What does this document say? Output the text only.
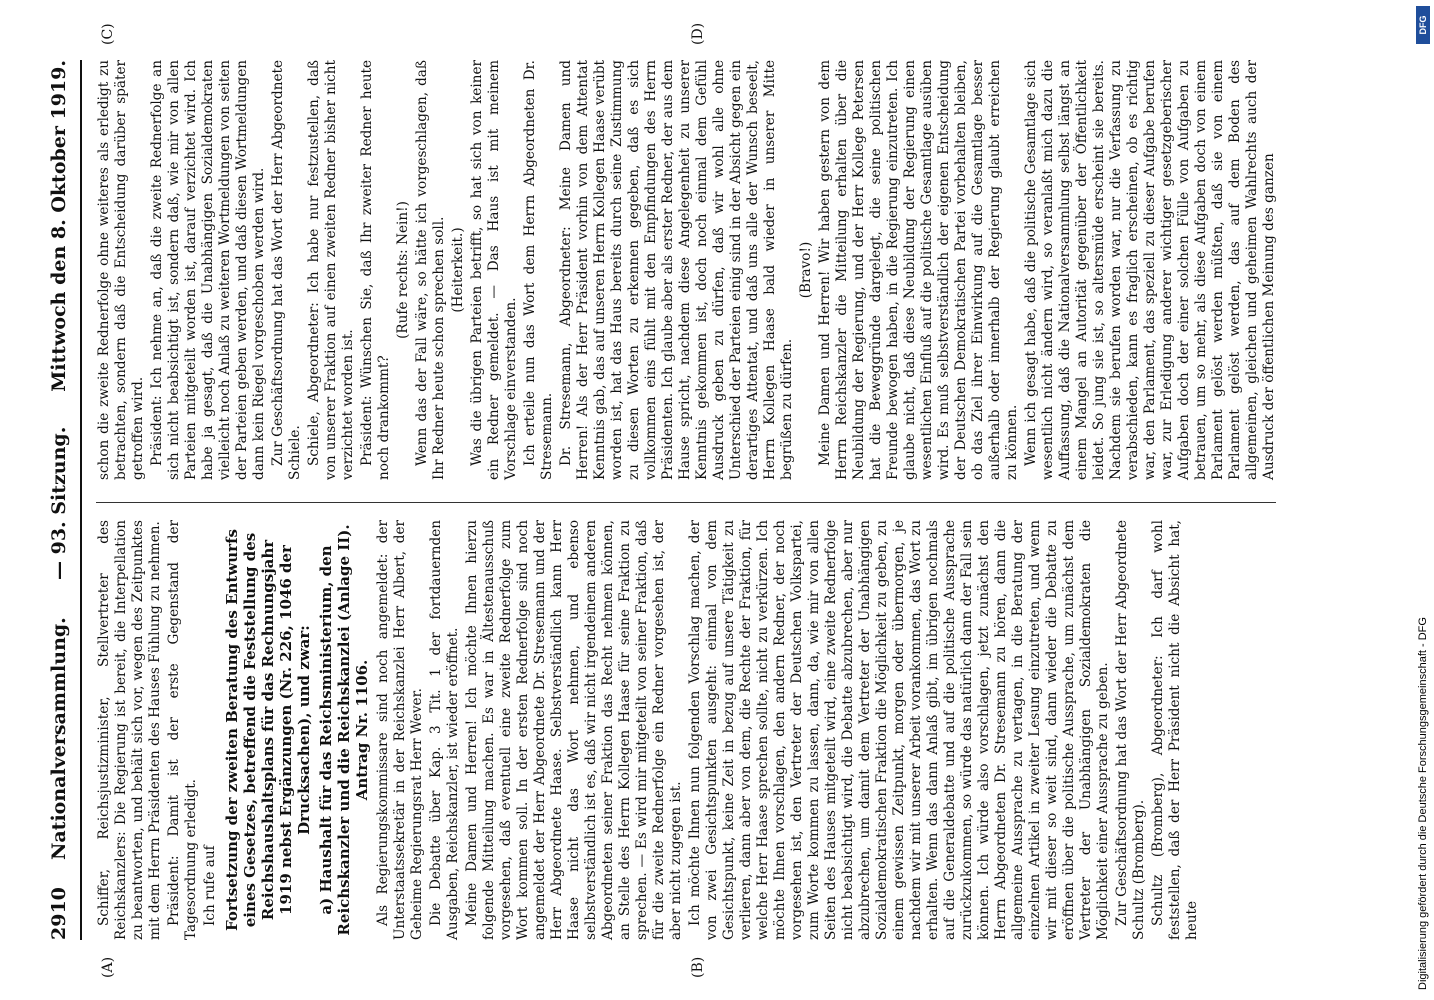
2910
Nationalversammlung.
— 93. Sitzung.
Mittwoch den 8. Oktober 1919.
(A)	(B)
(C)	(D)

Schiffer, Reichsjustizminister, Stellvertreter des Reichskanzlers: Die Regierung ist bereit, die Interpellation zu beantworten, und behält sich vor, wegen des Zeitpunktes mit dem Herrn Präsidenten des Hauses Fühlung zu nehmen. Präsident: Damit ist der erste Gegenstand der Tagesordnung erledigt. Ich rufe auf Fortsetzung der zweiten Beratung des Entwurfs eines Gesetzes, betreffend die Feststellung des Reichshaushaltsplans für das Rechnungsjahr 1919 nebst Ergänzungen (Nr. 226, 1046 der Drucksachen), und zwar: a) Haushalt für das Reichsministerium, den Reichskanzler und die Reichskanzlei (Anlage II). Antrag Nr. 1106. Als Regierungskommissare sind noch angemeldet: der Unterstaatssekretär in der Reichskanzlei Herr Albert, der Geheime Regierungsrat Herr Wever. Die Debatte über Kap. 3 Tit. 1 der fortdauernden Ausgaben, Reichskanzler, ist wieder eröffnet. Meine Damen und Herren! Ich möchte Ihnen hierzu folgende Mitteilung machen. Es war in Ältestenausschuß vorgesehen, daß eventuell eine zweite Rednerfolge zum Wort kommen soll. In der ersten Rednerfolge sind noch angemeldet der Herr Abgeordnete Dr. Stresemann und der Herr Abgeordnete Haase. Selbstverständlich kann Herr Haase nicht das Wort nehmen, und ebenso selbstverständlich ist es, daß wir nicht irgendeinem anderen Abgeordneten seiner Fraktion das Recht nehmen können, an Stelle des Herrn Kollegen Haase für seine Fraktion zu sprechen. — Es wird mir mitgeteilt von seiner Fraktion, daß für die zweite Rednerfolge ein Redner vorgesehen ist, der aber nicht zugegen ist. Ich möchte Ihnen nun folgenden Vorschlag machen, der von zwei Gesichtspunkten ausgeht: einmal von dem Gesichtspunkt, keine Zeit in bezug auf unsere Tätigkeit zu verlieren, dann aber von dem, die Rechte der Fraktion, für welche Herr Haase sprechen sollte, nicht zu verkürzen. Ich möchte Ihnen vorschlagen, den andern Redner, der noch vorgesehen ist, den Vertreter der Deutschen Volkspartei, zum Worte kommen zu lassen, dann, da, wie mir von allen Seiten des Hauses mitgeteilt wird, eine zweite Rednerfolge nicht beabsichtigt wird, die Debatte abzubrechen, aber nur abzubrechen, um damit dem Vertreter der Unabhängigen Sozialdemokratischen Fraktion die Möglichkeit zu geben, zu einem gewissen Zeitpunkt, morgen oder übermorgen, je nachdem wir mit unserer Arbeit vorankommen, das Wort zu erhalten. Wenn das dann Anlaß gibt, im übrigen nochmals auf die Generaldebatte und auf die politische Aussprache zurückzukommen, so würde das natürlich dann der Fall sein können. Ich würde also vorschlagen, jetzt zunächst den Herrn Abgeordneten Dr. Stresemann zu hören, dann die allgemeine Aussprache zu vertagen, in die Beratung der einzelnen Artikel in zweiter Lesung einzutreten, und wenn wir mit dieser so weit sind, dann wieder die Debatte zu eröffnen über die politische Aussprache, um zunächst dem Vertreter der Unabhängigen Sozialdemokraten die Möglichkeit einer Aussprache zu geben. Zur Geschäftsordnung hat das Wort der Herr Abgeordnete Schultz (Bromberg). Schultz (Bromberg), Abgeordneter: Ich darf wohl feststellen, daß der Herr Präsident nicht die Absicht hat, heute

schon die zweite Rednerfolge ohne weiteres als erledigt zu betrachten, sondern daß die Entscheidung darüber später getroffen wird. Präsident: Ich nehme an, daß die zweite Rednerfolge an sich nicht beabsichtigt ist, sondern daß, wie mir von allen Parteien mitgeteilt worden ist, darauf verzichtet wird. Ich habe ja gesagt, daß die Unabhängigen Sozialdemokraten vielleicht noch Anlaß zu weiteren Wortmeldungen von seiten der Parteien geben werden, und daß diesen Wortmeldungen dann kein Riegel vorgeschoben werden wird. Zur Geschäftsordnung hat das Wort der Herr Abgeordnete Schiele. Schiele, Abgeordneter: Ich habe nur festzustellen, daß von unserer Fraktion auf einen zweiten Redner bisher nicht verzichtet worden ist. Präsident: Wünschen Sie, daß Ihr zweiter Redner heute noch drankommt?

(Rufe rechts: Nein!) Wenn das der Fall wäre, so hätte ich vorgeschlagen, daß Ihr Redner heute schon sprechen soll. (Heiterkeit.) Was die übrigen Parteien betrifft, so hat sich von keiner ein Redner gemeldet. — Das Haus ist mit meinem Vorschlage einverstanden. Ich erteile nun das Wort dem Herrn Abgeordneten Dr. Stresemann. Dr. Stresemann, Abgeordneter: Meine Damen und Herren! Als der Herr Präsident vorhin von dem Attentat Kenntnis gab, das auf unseren Herrn Kollegen Haase verübt worden ist, hat das Haus bereits durch seine Zustimmung zu diesen Worten zu erkennen gegeben, daß es sich vollkommen eins fühlt mit den Empfindungen des Herrn Präsidenten. Ich glaube aber als erster Redner, der aus dem Hause spricht, nachdem diese Angelegenheit zu unserer Kenntnis gekommen ist, doch noch einmal dem Gefühl Ausdruck geben zu dürfen, daß wir wohl alle ohne Unterschied der Parteien einig sind in der Absicht gegen ein derartiges Attentat, und daß uns alle der Wunsch beseelt, Herrn Kollegen Haase bald wieder in unserer Mitte begrüßen zu dürfen.

(Bravo!) Meine Damen und Herren! Wir haben gestern von dem Herrn Reichskanzler die Mitteilung erhalten über die Neubildung der Regierung, und der Herr Kollege Petersen hat die Beweggründe dargelegt, die seine politischen Freunde bewogen haben, in die Regierung einzutreten. Ich glaube nicht, daß diese Neubildung der Regierung einen wesentlichen Einfluß auf die politische Gesamtlage ausüben wird. Es muß selbstverständlich der eigenen Entscheidung der Deutschen Demokratischen Partei vorbehalten bleiben, ob das Ziel ihrer Einwirkung auf die Gesamtlage besser außerhalb oder innerhalb der Regierung glaubt erreichen zu können. Wenn ich gesagt habe, daß die politische Gesamtlage sich wesentlich nicht ändern wird, so veranlaßt mich dazu die Auffassung, daß die Nationalversammlung selbst längst an einem Mangel an Autorität gegenüber der Öffentlichkeit leidet. So jung sie ist, so altersmüde erscheint sie bereits. Nachdem sie berufen worden war, nur die Verfassung zu verabschieden, kann es fraglich erscheinen, ob es richtig war, den Parlament, das speziell zu dieser Aufgabe berufen war, zur Erledigung anderer wichtiger gesetzgeberischer Aufgaben doch der einer solchen Fülle von Aufgaben zu betrauen, um so mehr, als diese Aufgaben doch von einem Parlament gelöst werden müßten, daß sie von einem Parlament gelöst werden, das auf dem Boden des allgemeinen, gleichen und geheimen Wahlrechts auch der Ausdruck der öffentlichen Meinung des ganzen

DFG
Digitalisierung gefördert durch die Deutsche Forschungsgemeinschaft - DFG
